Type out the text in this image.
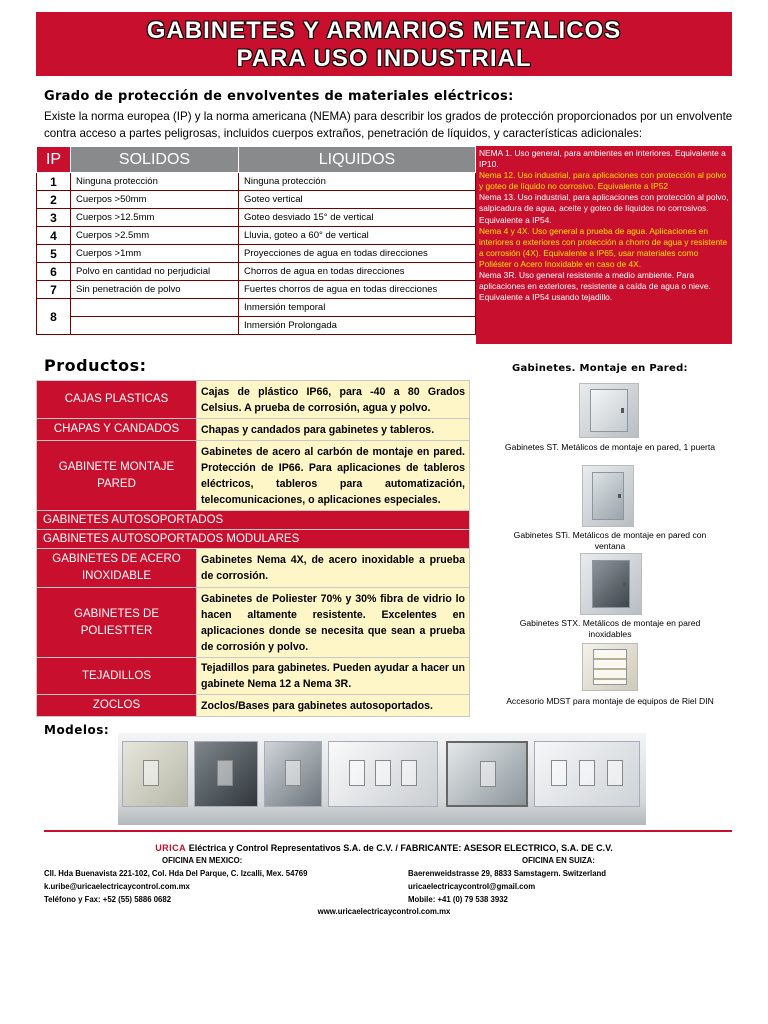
GABINETES Y ARMARIOS METALICOS
PARA USO INDUSTRIAL
Grado de protección de envolventes de materiales eléctricos:
Existe la norma europea (IP) y la norma americana (NEMA) para describir los grados de protección proporcionados por un envolvente contra acceso a partes peligrosas, incluidos cuerpos extraños, penetración de líquidos, y características adicionales:
IP	SOLIDOS	LIQUIDOS
1	Ninguna protección	Ninguna protección
2	Cuerpos >50mm	Goteo vertical
3	Cuerpos >12.5mm	Goteo desviado 15° de vertical
4	Cuerpos >2.5mm	Lluvia, goteo a 60° de vertical
5	Cuerpos >1mm	Proyecciones de agua en todas direcciones
6	Polvo en cantidad no perjudicial	Chorros de agua en todas direcciones
7	Sin penetración de polvo	Fuertes chorros de agua en todas direcciones
8		Inmersión temporal
		Inmersión Prolongada
NEMA 1. Uso general, para ambientes en interiores. Equivalente a IP10.
Nema 12. Uso industrial, para aplicaciones con protección al polvo y goteo de líquido no corrosivo. Equivalente a IP52
Nema 13. Uso industrial, para aplicaciones con protección al polvo, salpicadura de agua, aceite y goteo de líquidos no corrosivos. Equivalente a IP54.
Nema 4 y 4X. Uso general a prueba de agua. Aplicaciones en interiores o exteriores con protección a chorro de agua y resistente a corrosión (4X). Equivalente a IP65, usar materiales como Poliéster o Acero Inoxidable en caso de 4X.
Nema 3R. Uso general resistente a medio ambiente. Para aplicaciones en exteriores, resistente a caída de agua o nieve. Equivalente a IP54 usando tejadillo.
Productos:
CAJAS PLASTICAS	Cajas de plástico IP66, para -40 a 80 Grados Celsius. A prueba de corrosión, agua y polvo.
CHAPAS Y CANDADOS	Chapas y candados para gabinetes y tableros.
GABINETE MONTAJE PARED	Gabinetes de acero al carbón de montaje en pared. Protección de IP66. Para aplicaciones de tableros eléctricos, tableros para automatización, telecomunicaciones, o aplicaciones especiales.
GABINETES AUTOSOPORTADOS	
GABINETES AUTOSOPORTADOS MODULARES	
GABINETES DE ACERO INOXIDABLE	Gabinetes Nema 4X, de acero inoxidable a prueba de corrosión.
GABINETES DE POLIESTTER	Gabinetes de Poliester 70% y 30% fibra de vidrio lo hacen altamente resistente. Excelentes en aplicaciones donde se necesita que sean a prueba de corrosión y polvo.
TEJADILLOS	Tejadillos para gabinetes. Pueden ayudar a hacer un gabinete Nema 12 a Nema 3R.
ZOCLOS	Zoclos/Bases para gabinetes autosoportados.
Gabinetes. Montaje en Pared:
Gabinetes ST. Metálicos de montaje en pared, 1 puerta
Gabinetes STi. Metálicos de montaje en pared con ventana
Gabinetes STX. Metálicos de montaje en pared inoxidables
Accesorio MDST para montaje de equipos de Riel DIN
Modelos:
URICA Eléctrica y Control Representativos S.A. de C.V. / FABRICANTE: ASESOR ELECTRICO, S.A. DE C.V.
OFICINA EN MEXICO:
Cll. Hda Buenavista 221-102, Col. Hda Del Parque, C. Izcalli, Mex. 54769
k.uribe@uricaelectricaycontrol.com.mx
Teléfono y Fax: +52 (55) 5886 0682
OFICINA EN SUIZA:
Baerenweidstrasse 29, 8833 Samstagern. Switzerland
uricaelectricaycontrol@gmail.com
Mobile: +41 (0) 79 538 3932
www.uricaelectricaycontrol.com.mx
